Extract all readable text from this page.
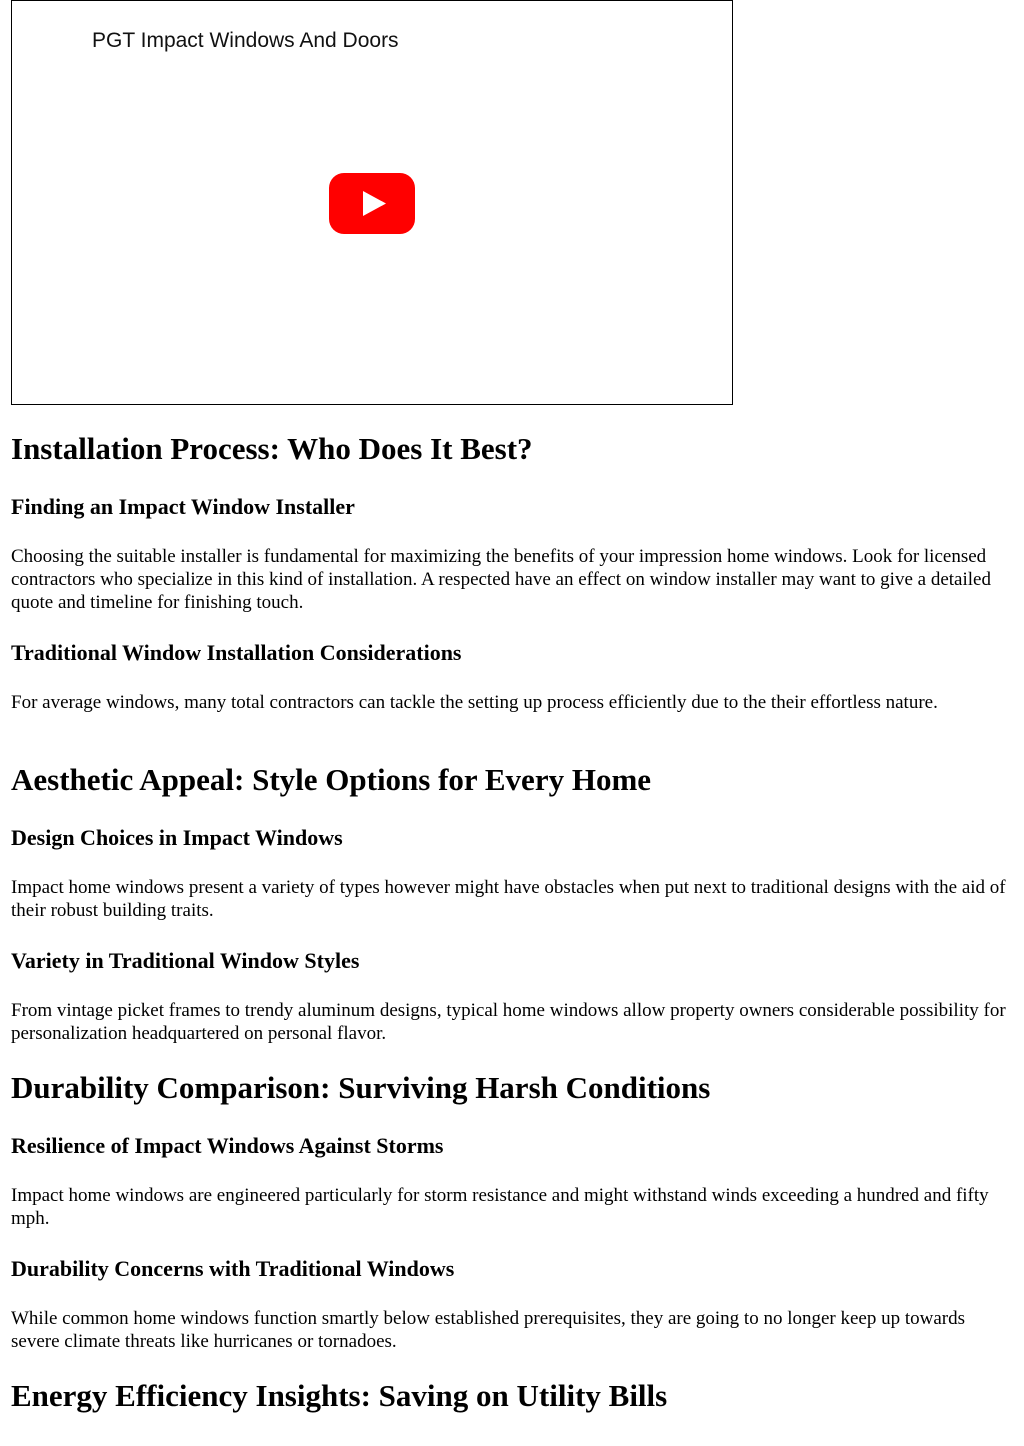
PGT Impact Windows And Doors
Installation Process: Who Does It Best?
Finding an Impact Window Installer

Choosing the suitable installer is fundamental for maximizing the benefits of your impression home windows. Look for licensed contractors who specialize in this kind of installation. A respected have an effect on window installer may want to give a detailed quote and timeline for finishing touch.

Traditional Window Installation Considerations

For average windows, many total contractors can tackle the setting up process efficiently due to the their effortless nature.

Aesthetic Appeal: Style Options for Every Home
Design Choices in Impact Windows

Impact home windows present a variety of types however might have obstacles when put next to traditional designs with the aid of their robust building traits.

Variety in Traditional Window Styles

From vintage picket frames to trendy aluminum designs, typical home windows allow property owners considerable possibility for personalization headquartered on personal flavor.

Durability Comparison: Surviving Harsh Conditions
Resilience of Impact Windows Against Storms

Impact home windows are engineered particularly for storm resistance and might withstand winds exceeding a hundred and fifty mph.

Durability Concerns with Traditional Windows

While common home windows function smartly below established prerequisites, they are going to no longer keep up towards severe climate threats like hurricanes or tornadoes.

Energy Efficiency Insights: Saving on Utility Bills
